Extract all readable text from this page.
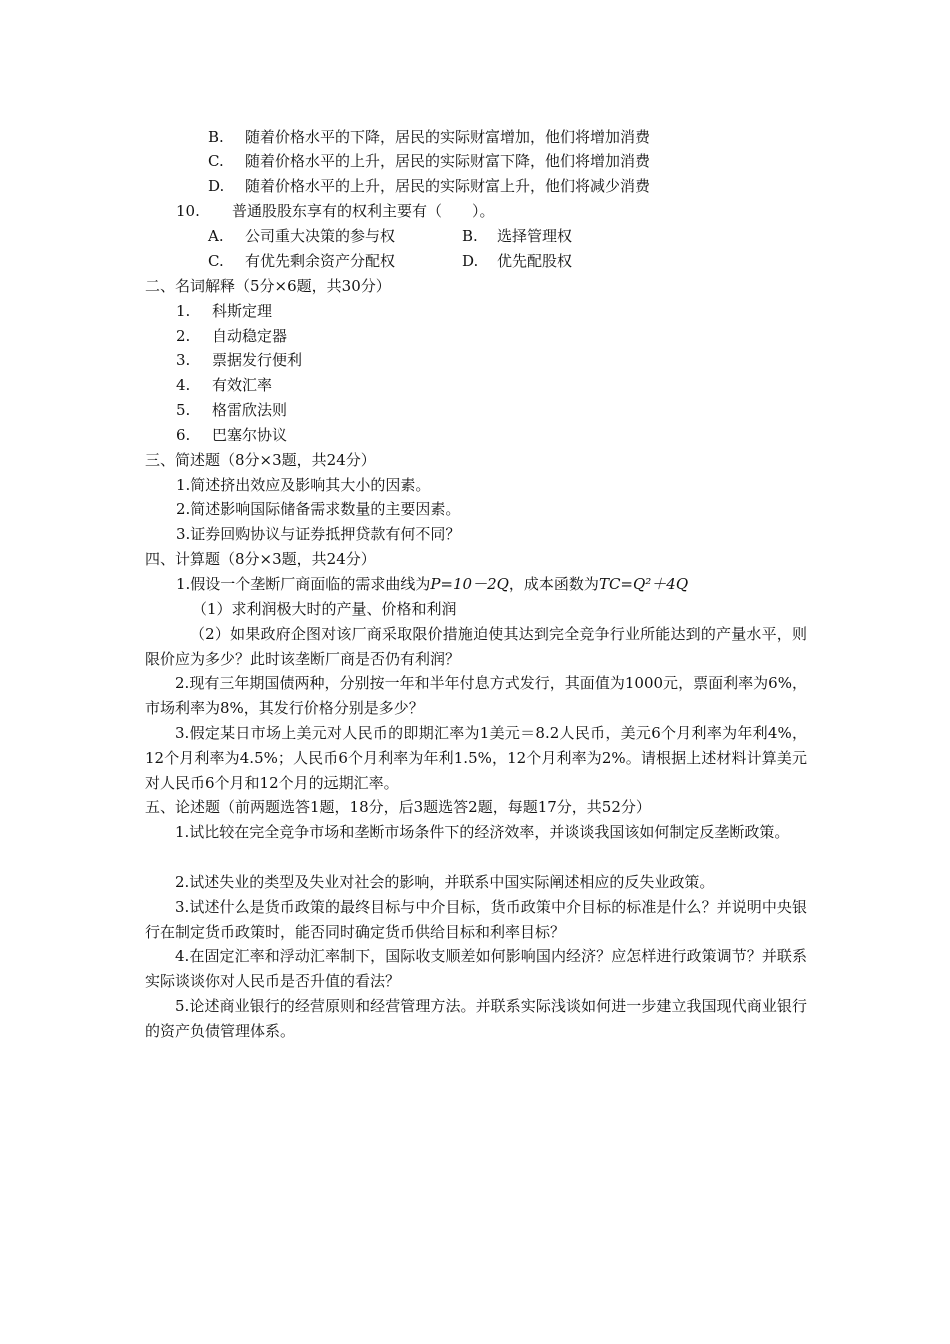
B. 随着价格水平的下降，居民的实际财富增加，他们将增加消费
C. 随着价格水平的上升，居民的实际财富下降，他们将增加消费
D. 随着价格水平的上升，居民的实际财富上升，他们将减少消费
10. 普通股股东享有的权利主要有（　　）。
A. 公司重大决策的参与权	B. 选择管理权
C. 有优先剩余资产分配权	D. 优先配股权
二、名词解释（5分×6题，共30分）
1. 科斯定理
2. 自动稳定器
3. 票据发行便利
4. 有效汇率
5. 格雷欣法则
6. 巴塞尔协议
三、简述题（8分×3题，共24分）
1.简述挤出效应及影响其大小的因素。
2.简述影响国际储备需求数量的主要因素。
3.证券回购协议与证券抵押贷款有何不同？
四、计算题（8分×3题，共24分）
1.假设一个垄断厂商面临的需求曲线为P=10－2Q，成本函数为TC=Q²＋4Q
（1）求利润极大时的产量、价格和利润
（2）如果政府企图对该厂商采取限价措施迫使其达到完全竞争行业所能达到的产量水平，则限价应为多少？此时该垄断厂商是否仍有利润？
2.现有三年期国债两种，分别按一年和半年付息方式发行，其面值为1000元，票面利率为6%，市场利率为8%，其发行价格分别是多少？
3.假定某日市场上美元对人民币的即期汇率为1美元＝8.2人民币，美元6个月利率为年利4%，12个月利率为4.5%；人民币6个月利率为年利1.5%，12个月利率为2%。请根据上述材料计算美元对人民币6个月和12个月的远期汇率。
五、论述题（前两题选答1题，18分，后3题选答2题，每题17分，共52分）
1.试比较在完全竞争市场和垄断市场条件下的经济效率，并谈谈我国该如何制定反垄断政策。
2.试述失业的类型及失业对社会的影响，并联系中国实际阐述相应的反失业政策。
3.试述什么是货币政策的最终目标与中介目标，货币政策中介目标的标准是什么？并说明中央银行在制定货币政策时，能否同时确定货币供给目标和利率目标？
4.在固定汇率和浮动汇率制下，国际收支顺差如何影响国内经济？应怎样进行政策调节？并联系实际谈谈你对人民币是否升值的看法？
5.论述商业银行的经营原则和经营管理方法。并联系实际浅谈如何进一步建立我国现代商业银行的资产负债管理体系。
